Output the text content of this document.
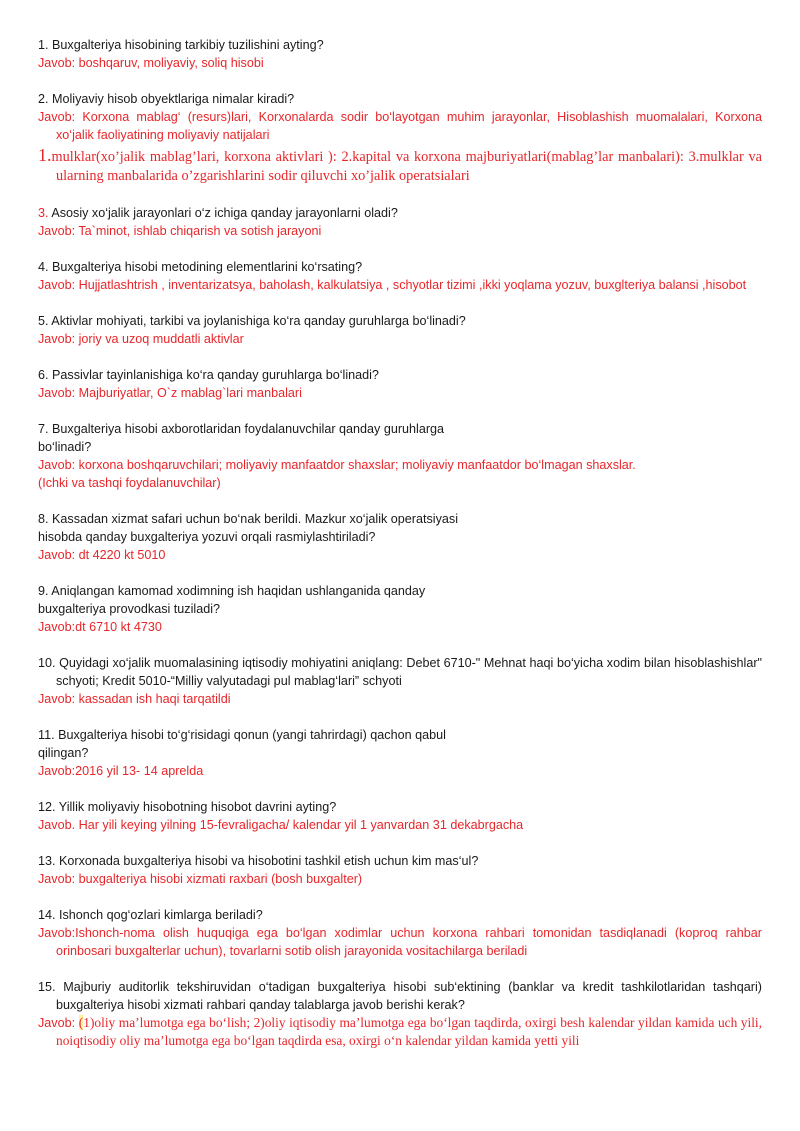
1. Buxgalteriya hisobining tarkibiy tuzilishini ayting?

Javob: boshqaruv, moliyaviy, soliq hisobi

2. Moliyaviy hisob obyektlariga nimalar kiradi?

Javob: Korxona mablag‘ (resurs)lari, Korxonalarda sodir bo‘layotgan muhim jarayonlar, Hisoblashish muomalalari, Korxona xo‘jalik faoliyatining moliyaviy natijalari

1.mulklar(xo’jalik mablag’lari, korxona aktivlari ): 2.kapital va korxona majburiyatlari(mablag’lar manbalari): 3.mulklar va ularning manbalarida o’zgarishlarini sodir qiluvchi xo’jalik operatsialari

3. Asosiy xo‘jalik jarayonlari o‘z ichiga qanday jarayonlarni oladi?

Javob: Ta`minot, ishlab chiqarish va sotish jarayoni

4. Buxgalteriya hisobi metodining elementlarini ko‘rsating?

Javob: Hujjatlashtrish , inventarizatsya, baholash, kalkulatsiya , schyotlar tizimi ,ikki yoqlama yozuv, buxglteriya balansi ,hisobot

5. Aktivlar mohiyati, tarkibi va joylanishiga ko‘ra qanday guruhlarga bo‘linadi?

Javob: joriy va uzoq muddatli aktivlar

6. Passivlar tayinlanishiga ko‘ra qanday guruhlarga bo‘linadi?

Javob: Majburiyatlar, O`z mablag`lari manbalari

7. Buxgalteriya hisobi axborotlaridan foydalanuvchilar qanday guruhlarga

bo‘linadi?

Javob: korxona boshqaruvchilari; moliyaviy manfaatdor shaxslar; moliyaviy manfaatdor bo‘lmagan shaxslar.

(Ichki va tashqi foydalanuvchilar)

8. Kassadan xizmat safari uchun bo‘nak berildi. Mazkur xo‘jalik operatsiyasi

hisobda qanday buxgalteriya yozuvi orqali rasmiylashtiriladi?

Javob: dt 4220 kt 5010

9. Aniqlangan kamomad xodimning ish haqidan ushlanganida qanday

buxgalteriya provodkasi tuziladi?

Javob:dt 6710 kt 4730

10. Quyidagi xo‘jalik muomalasining iqtisodiy mohiyatini aniqlang: Debet 6710-" Mehnat haqi bo‘yicha xodim bilan hisoblashishlar" schyoti; Kredit 5010-“Milliy valyutadagi pul mablag‘lari” schyoti

Javob: kassadan ish haqi tarqatildi

11. Buxgalteriya hisobi to‘g‘risidagi qonun (yangi tahrirdagi) qachon qabul

qilingan?

Javob:2016 yil 13- 14 aprelda

12. Yillik moliyaviy hisobotning hisobot davrini ayting?

Javob. Har yili keying yilning 15-fevraligacha/ kalendar yil 1 yanvardan 31 dekabrgacha

13. Korxonada buxgalteriya hisobi va hisobotini tashkil etish uchun kim mas‘ul?

Javob: buxgalteriya hisobi xizmati raxbari (bosh buxgalter)

14. Ishonch qog‘ozlari kimlarga beriladi?

Javob:Ishonch-noma olish huquqiga ega bo‘lgan xodimlar uchun korxona rahbari tomonidan tasdiqlanadi (koproq rahbar orinbosari buxgalterlar uchun), tovarlarni sotib olish jarayonida vositachilarga beriladi

15. Majburiy auditorlik tekshiruvidan o‘tadigan buxgalteriya hisobi sub‘ektining (banklar va kredit tashkilotlaridan tashqari) buxgalteriya hisobi xizmati rahbari qanday talablarga javob berishi kerak?

Javob: (1)oliy ma’lumotga ega bo‘lish; 2)oliy iqtisodiy ma’lumotga ega bo‘lgan taqdirda, oxirgi besh kalendar yildan kamida uch yili, noiqtisodiy oliy ma’lumotga ega bo‘lgan taqdirda esa, oxirgi o‘n kalendar yildan kamida yetti yili
